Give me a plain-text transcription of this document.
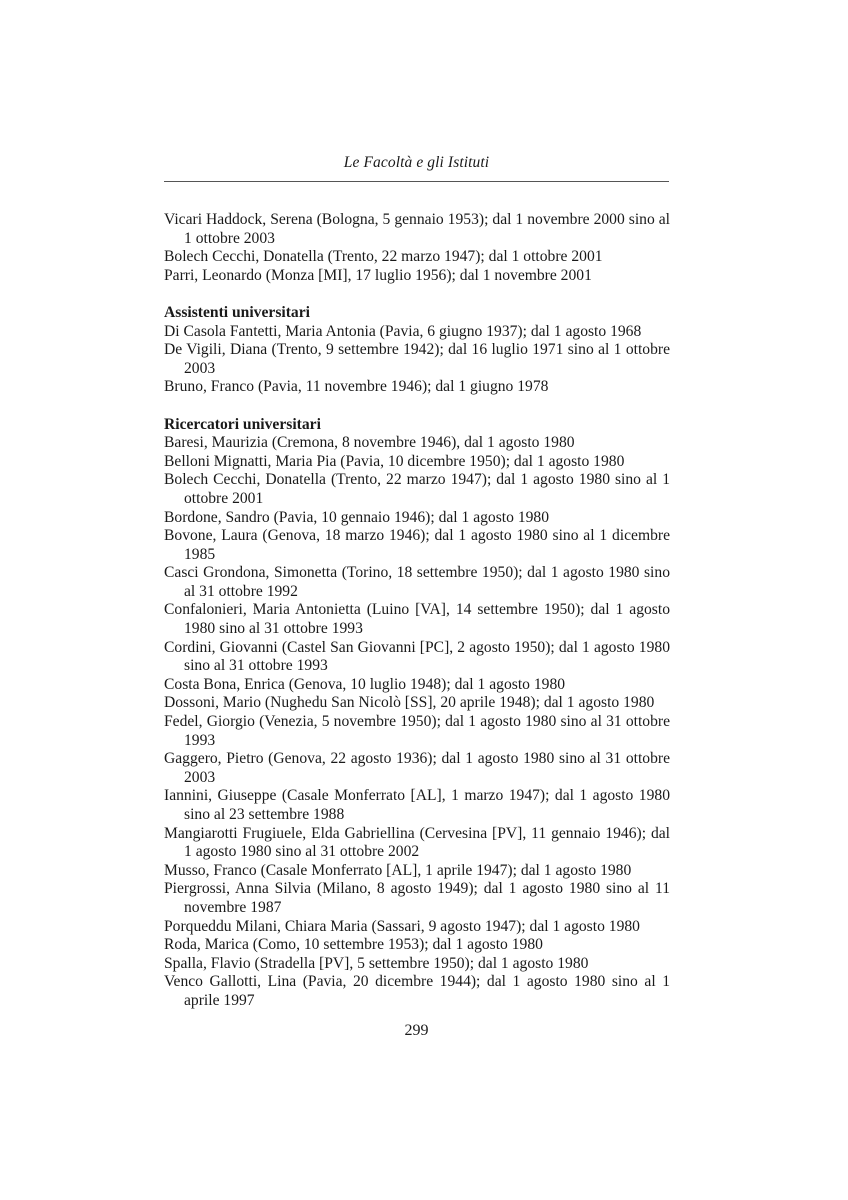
Le Facoltà e gli Istituti

Vicari Haddock, Serena (Bologna, 5 gennaio 1953); dal 1 novembre 2000 sino al 1 ottobre 2003

Bolech Cecchi, Donatella (Trento, 22 marzo 1947); dal 1 ottobre 2001

Parri, Leonardo (Monza [MI], 17 luglio 1956); dal 1 novembre 2001

Assistenti universitari

Di Casola Fantetti, Maria Antonia (Pavia, 6 giugno 1937); dal 1 agosto 1968

De Vigili, Diana (Trento, 9 settembre 1942); dal 16 luglio 1971 sino al 1 ottobre 2003

Bruno, Franco (Pavia, 11 novembre 1946); dal 1 giugno 1978

Ricercatori universitari

Baresi, Maurizia (Cremona, 8 novembre 1946), dal 1 agosto 1980

Belloni Mignatti, Maria Pia (Pavia, 10 dicembre 1950); dal 1 agosto 1980

Bolech Cecchi, Donatella (Trento, 22 marzo 1947); dal 1 agosto 1980 sino al 1 ottobre 2001

Bordone, Sandro (Pavia, 10 gennaio 1946); dal 1 agosto 1980

Bovone, Laura (Genova, 18 marzo 1946); dal 1 agosto 1980 sino al 1 dicembre 1985

Casci Grondona, Simonetta (Torino, 18 settembre 1950); dal 1 agosto 1980 sino al 31 ottobre 1992

Confalonieri, Maria Antonietta (Luino [VA], 14 settembre 1950); dal 1 agosto 1980 sino al 31 ottobre 1993

Cordini, Giovanni (Castel San Giovanni [PC], 2 agosto 1950); dal 1 agosto 1980 sino al 31 ottobre 1993

Costa Bona, Enrica (Genova, 10 luglio 1948); dal 1 agosto 1980

Dossoni, Mario (Nughedu San Nicolò [SS], 20 aprile 1948); dal 1 agosto 1980

Fedel, Giorgio (Venezia, 5 novembre 1950); dal 1 agosto 1980 sino al 31 ottobre 1993

Gaggero, Pietro (Genova, 22 agosto 1936); dal 1 agosto 1980 sino al 31 ottobre 2003

Iannini, Giuseppe (Casale Monferrato [AL], 1 marzo 1947); dal 1 agosto 1980 sino al 23 settembre 1988

Mangiarotti Frugiuele, Elda Gabriellina (Cervesina [PV], 11 gennaio 1946); dal 1 agosto 1980 sino al 31 ottobre 2002

Musso, Franco (Casale Monferrato [AL], 1 aprile 1947); dal 1 agosto 1980

Piergrossi, Anna Silvia (Milano, 8 agosto 1949); dal 1 agosto 1980 sino al 11 novembre 1987

Porqueddu Milani, Chiara Maria (Sassari, 9 agosto 1947); dal 1 agosto 1980

Roda, Marica (Como, 10 settembre 1953); dal 1 agosto 1980

Spalla, Flavio (Stradella [PV], 5 settembre 1950); dal 1 agosto 1980

Venco Gallotti, Lina (Pavia, 20 dicembre 1944); dal 1 agosto 1980 sino al 1 aprile 1997

299
